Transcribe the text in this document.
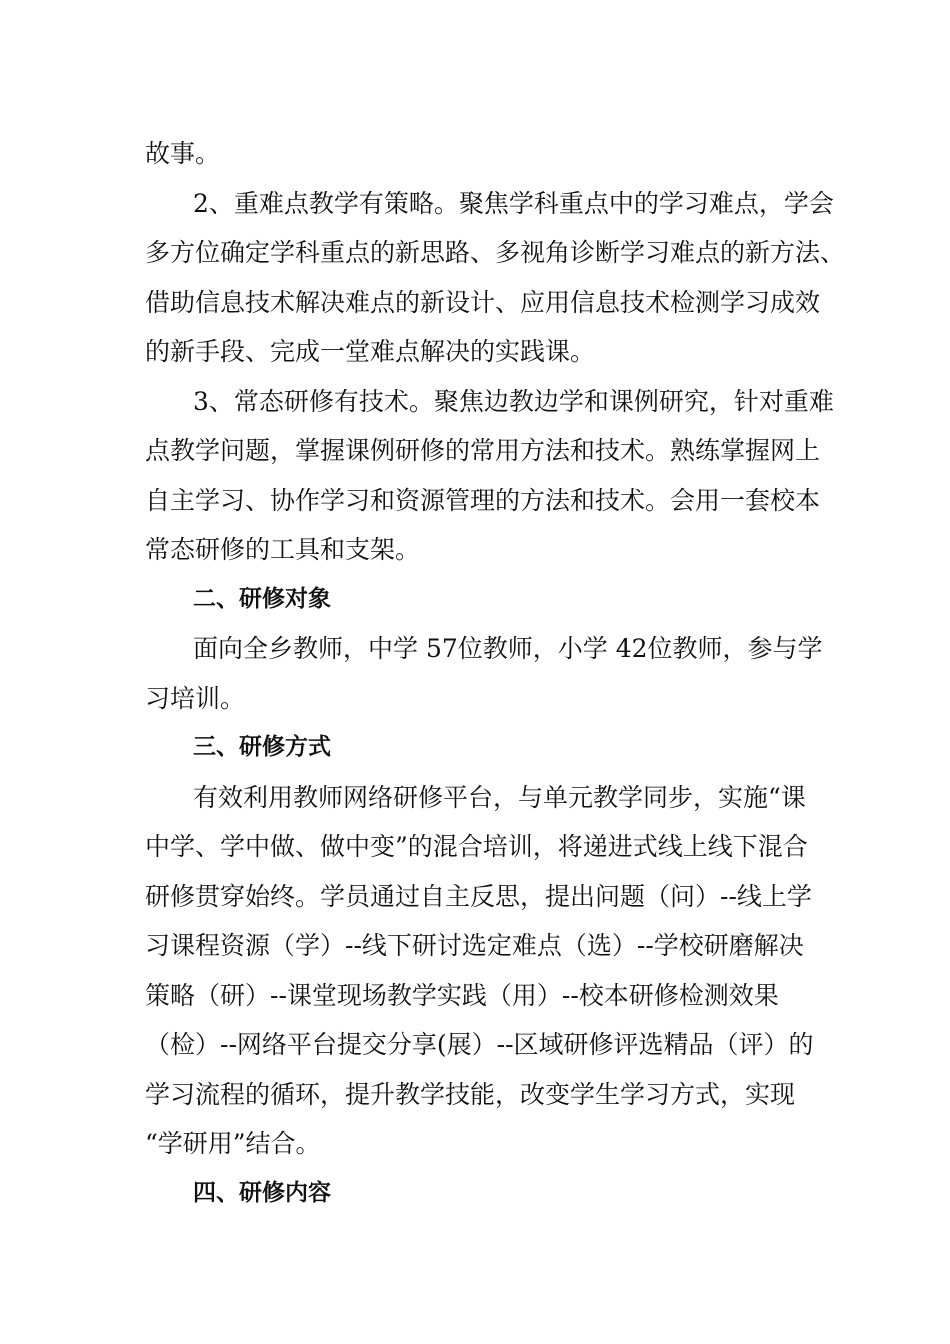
故事。
2、重难点教学有策略。聚焦学科重点中的学习难点，学会
多方位确定学科重点的新思路、多视角诊断学习难点的新方法、
借助信息技术解决难点的新设计、应用信息技术检测学习成效
的新手段、完成一堂难点解决的实践课。
3、常态研修有技术。聚焦边教边学和课例研究，针对重难
点教学问题，掌握课例研修的常用方法和技术。熟练掌握网上
自主学习、协作学习和资源管理的方法和技术。会用一套校本
常态研修的工具和支架。
二、研修对象
面向全乡教师，中学 57位教师，小学 42位教师，参与学
习培训。
三、研修方式
有效利用教师网络研修平台，与单元教学同步，实施“课
中学、学中做、做中变”的混合培训，将递进式线上线下混合
研修贯穿始终。学员通过自主反思，提出问题（问）--线上学
习课程资源（学）--线下研讨选定难点（选）--学校研磨解决
策略（研）--课堂现场教学实践（用）--校本研修检测效果
（检）--网络平台提交分享(展）--区域研修评选精品（评）的
学习流程的循环，提升教学技能，改变学生学习方式，实现
“学研用”结合。
四、研修内容
